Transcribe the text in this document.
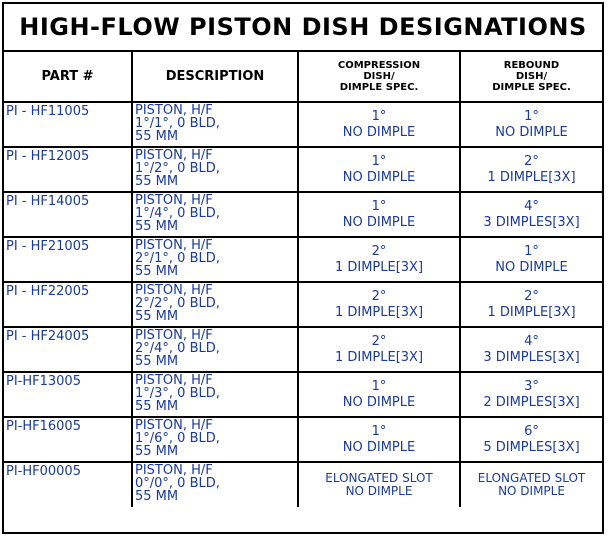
HIGH-FLOW PISTON DISH DESIGNATIONS
PART #	DESCRIPTION	COMPRESSION
DISH/
DIMPLE SPEC.	REBOUND
DISH/
DIMPLE SPEC.

PI - HF11005	PISTON, H/F
1°/1°, 0 BLD,
55 MM	1°
NO DIMPLE	1°
NO DIMPLE

PI - HF12005	PISTON, H/F
1°/2°, 0 BLD,
55 MM	1°
NO DIMPLE	2°
1 DIMPLE[3X]

PI - HF14005	PISTON, H/F
1°/4°, 0 BLD,
55 MM	1°
NO DIMPLE	4°
3 DIMPLES[3X]

PI - HF21005	PISTON, H/F
2°/1°, 0 BLD,
55 MM	2°
1 DIMPLE[3X]	1°
NO DIMPLE

PI - HF22005	PISTON, H/F
2°/2°, 0 BLD,
55 MM	2°
1 DIMPLE[3X]	2°
1 DIMPLE[3X]

PI - HF24005	PISTON, H/F
2°/4°, 0 BLD,
55 MM	2°
1 DIMPLE[3X]	4°
3 DIMPLES[3X]

PI-HF13005	PISTON, H/F
1°/3°, 0 BLD,
55 MM	1°
NO DIMPLE	3°
2 DIMPLES[3X]

PI-HF16005	PISTON, H/F
1°/6°, 0 BLD,
55 MM	1°
NO DIMPLE	6°
5 DIMPLES[3X]

PI-HF00005	PISTON, H/F
0°/0°, 0 BLD,
55 MM	ELONGATED SLOT
NO DIMPLE	ELONGATED SLOT
NO DIMPLE
